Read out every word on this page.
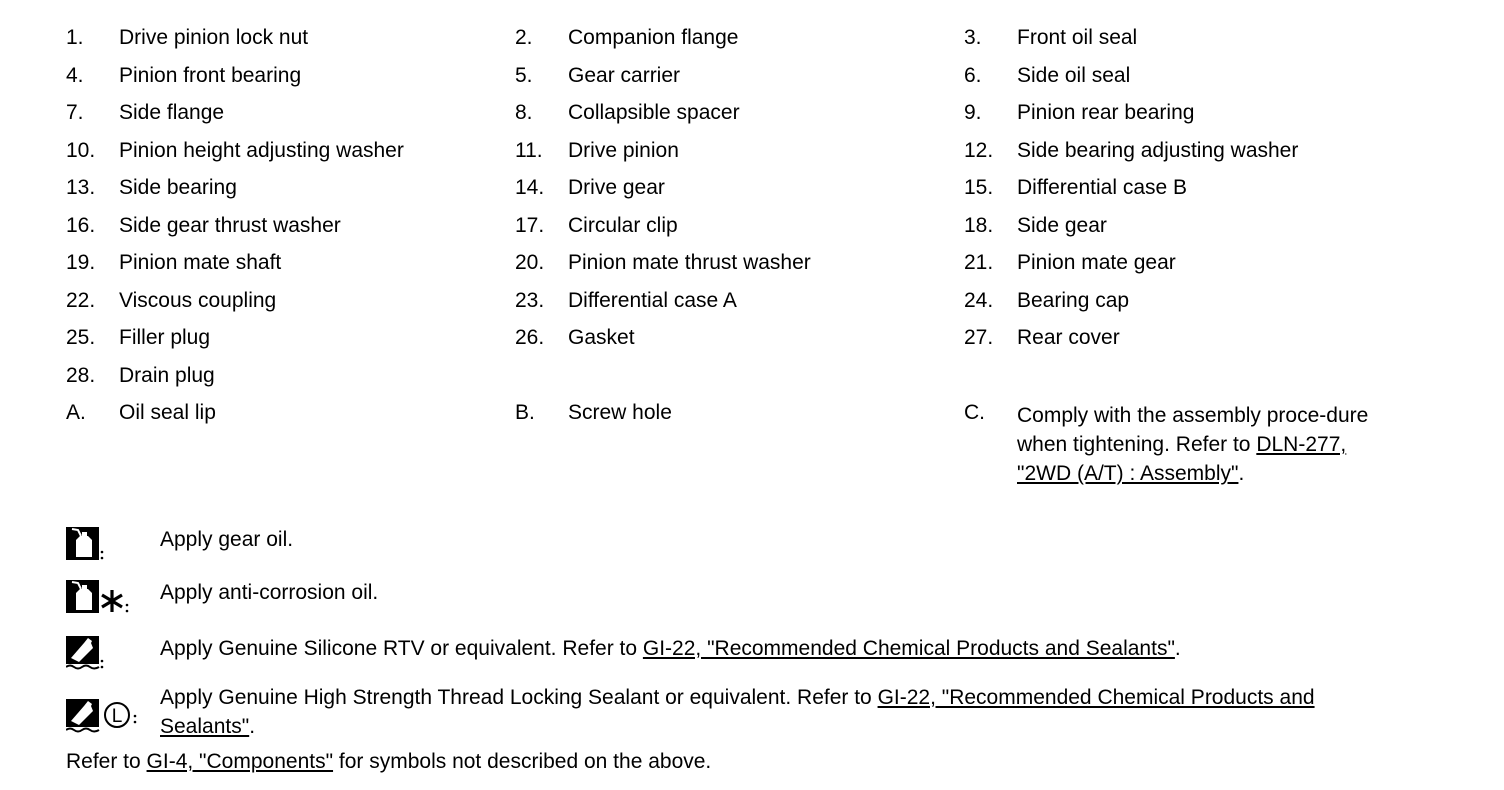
1. Drive pinion lock nut	2. Companion flange	3. Front oil seal
4. Pinion front bearing	5. Gear carrier	6. Side oil seal
7. Side flange	8. Collapsible spacer	9. Pinion rear bearing
10. Pinion height adjusting washer	11. Drive pinion	12. Side bearing adjusting washer
13. Side bearing	14. Drive gear	15. Differential case B
16. Side gear thrust washer	17. Circular clip	18. Side gear
19. Pinion mate shaft	20. Pinion mate thrust washer	21. Pinion mate gear
22. Viscous coupling	23. Differential case A	24. Bearing cap
25. Filler plug	26. Gasket	27. Rear cover
28. Drain plug
A. Oil seal lip	B. Screw hole	C. Comply with the assembly proce-dure when tightening. Refer to DLN-277, "2WD (A/T) : Assembly".
Apply gear oil.
Apply anti-corrosion oil.
Apply Genuine Silicone RTV or equivalent. Refer to GI-22, "Recommended Chemical Products and Sealants".
L
Apply Genuine High Strength Thread Locking Sealant or equivalent. Refer to GI-22, "Recommended Chemical Products and Sealants".
Refer to GI-4, "Components" for symbols not described on the above.
